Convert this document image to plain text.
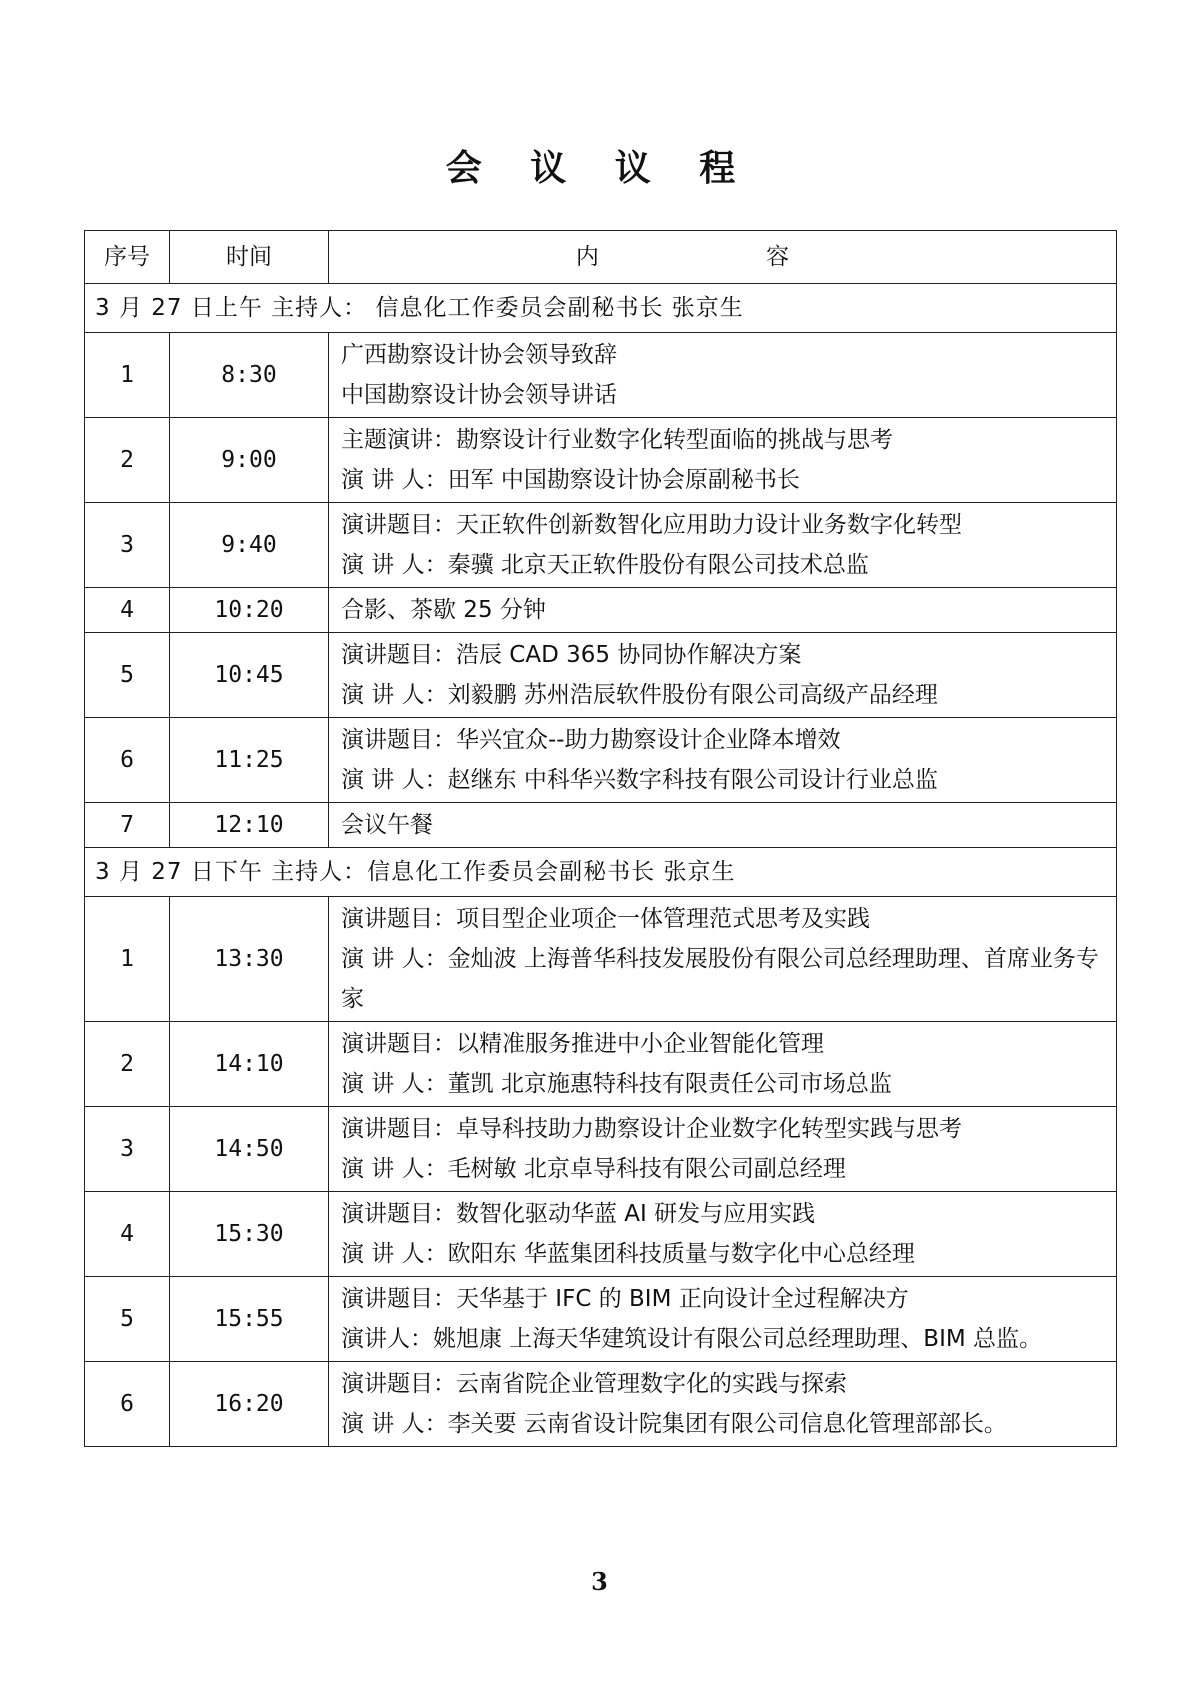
会 议 议 程
序号	时间	内 容
3 月 27 日上午 主持人： 信息化工作委员会副秘书长 张京生		
1	8:30	广西勘察设计协会领导致辞
中国勘察设计协会领导讲话

2	9:00	主题演讲：勘察设计行业数字化转型面临的挑战与思考
演 讲 人：田军 中国勘察设计协会原副秘书长

3	9:40	演讲题目：天正软件创新数智化应用助力设计业务数字化转型
演 讲 人：秦骥 北京天正软件股份有限公司技术总监

4	10:20	合影、茶歇 25 分钟

5	10:45	演讲题目：浩辰 CAD 365 协同协作解决方案
演 讲 人：刘毅鹏 苏州浩辰软件股份有限公司高级产品经理

6	11:25	演讲题目：华兴宜众--助力勘察设计企业降本增效
演 讲 人：赵继东 中科华兴数字科技有限公司设计行业总监

7	12:10	会议午餐

3 月 27 日下午 主持人：信息化工作委员会副秘书长 张京生		
1	13:30	演讲题目：项目型企业项企一体管理范式思考及实践
演 讲 人：金灿波 上海普华科技发展股份有限公司总经理助理、首席业务专家

2	14:10	演讲题目：以精准服务推进中小企业智能化管理
演 讲 人：董凯 北京施惠特科技有限责任公司市场总监

3	14:50	演讲题目：卓导科技助力勘察设计企业数字化转型实践与思考
演 讲 人：毛树敏 北京卓导科技有限公司副总经理

4	15:30	演讲题目：数智化驱动华蓝 AI 研发与应用实践
演 讲 人：欧阳东 华蓝集团科技质量与数字化中心总经理

5	15:55	演讲题目：天华基于 IFC 的 BIM 正向设计全过程解决方
演讲人：姚旭康 上海天华建筑设计有限公司总经理助理、BIM 总监。

6	16:20	演讲题目：云南省院企业管理数字化的实践与探索
演 讲 人：李关要 云南省设计院集团有限公司信息化管理部部长。
3
